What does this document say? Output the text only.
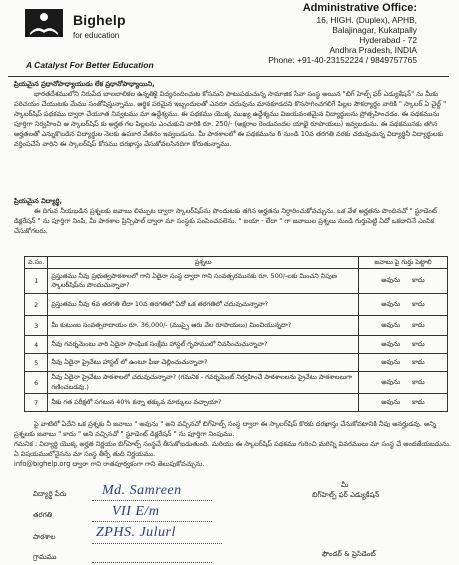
Bighelp
for education
A Catalyst For Better Education
Administrative Office:
16, HIGH. (Duplex), APHB,
Balajinagar, Kukatpally
Hyderabad - 72
Andhra Pradesh, INDIA
Phone: +91-40-23152224 / 9849757765

ప్రియమైన ప్రధానోపాధ్యాయుడు లేక ప్రధానోపాధ్యాయిని,

భారతదేశములోని నిరుపేద బాలబాలికల ఉన్నతికై విద్యనందించుట కోసమని పాటుపడుచున్న సామాజిక సేవా సంస్థ అయిన "బిగ్ హెల్ప్ ఫర్ ఎడ్యుకేషన్" ను మీకు పరిచయం చేయుటకు మేము సంతోషిస్తున్నాము. ఆర్థిక పరమైన ఇబ్బందులతో ఎవరూ చదువును మానకూడదని కొనసాగించగలిగే పిల్లల సౌకర్యార్థం వారికి " స్కాలర్ ఏ చైల్డ్ " స్కాలర్‌షిప్ పథకము ద్వారా చేయూత నివ్వటము మా ఉద్దేశ్యము. ఈ పథకము యొక్క ముఖ్య ఉద్దేశ్యము విజయవంతమైన విద్యార్థులను ప్రోత్సహించడం. ఈ పథకమును పూర్తిగా నిర్వహించి ఆ స్కాలర్‌షిప్ కు అర్హత గల పిల్లలను ఎంచుకుని వారికి రూ. 250/- (అక్షరాల రెండువందల యాభై రూపాయలు) ఇవ్వబడును. ఈ పథకమునకు తగిన అర్హతలతో ఎన్నుకొబడిన విద్యార్థుల నెలకు ఉపకార వేతనం ఇవ్వబడును. మీ పాఠశాలలో ఈ పథకమును 6 నుండి 10వ తరగతి వరకు చదువుచున్న విద్యార్థినీ విద్యార్థులకు వర్తింపచేసే వారిని ఈ స్కాలర్‌షిప్ కోసము దరఖాస్తు చేసుకోవలసినదిగా కోరుతున్నాము.

ప్రియమైన విద్యార్థి,

ఈ దిగువ నీయబడిన ప్రశ్నలకు జవాబు లిమ్పుట ద్వారా స్కాలర్‌షిప్‌ను పొందుటకు తగిన అర్హతను నిర్ధారించుకోవచ్చును. ఒక వేళ అర్హతను పొందినచో " స్టూడెంట్ డిక్లరేషన్ " ను పూర్తిగా నింపి, మీ పాఠశాల ప్రిన్సిపాల్ ద్వారా మా సంస్థకు పంపించవలెను. " ఐయా - లేదా " గా జవాబుల ప్రశ్నలు నుండి గుర్తుపెట్టి ఏదో ఒకదానినే ఎంపిక చేసుకోగలరు.

వ.సం.	ప్రశ్నలు	జవాబు పై గుర్తు పెట్టాలి
1	ప్రస్తుతము నీవు ప్రభుత్వపాఠశాలలో గాని ఏదైనా సంస్థ ద్వారా గాని సంవత్సరమునకు రూ. 500/-లకు మించని నిపుణ స్కాలర్‌షిప్‌ను పొందుచున్నావా?	అవును కాదు
2	ప్రస్తుతము నీవు 6వ తరగతి లేదా 10వ తరగతిలో ఏదో ఒక తరగతిలో చదువుచున్నావా?	అవును కాదు
3	మీ కుటుంబ సంవత్సరాదాయం రూ. 36,000/- (ముప్పై ఆరు వేల రూపాయలు) మించియున్నదా?	అవును కాదు
4	నీవు గవర్నమెంటు వారి ఏదైనా సాంఘిక సంక్షేమ హాస్టల్ గృహములో నివసించుచున్నావా?	అవును కాదు
5	నీవు ఏదైనా ప్రైవేటు హాస్టల్ లో ఉంటూ ఫీజు చెల్లించుచున్నావా?	అవును కాదు
6	నీవు ఏదైనా ప్రైవేటు పాఠశాలలో చదువుచున్నావా? (గమనిక - గవర్నమెంట్ నిర్వహించే పాఠశాలలను ప్రైవేటు పాఠశాలలుగా గణించబడవు.)	అవును కాదు
7	నీకు గత పరీక్షలో సగటున 40% కన్నా తక్కువ మార్కులు వచ్చాయా?	అవును కాదు

పై వాటిలో ఏదేని ఒక ప్రశ్నకు నీ జవాబు " అవును " అని వచ్చినచో బిగ్‌హెల్ప్ సంస్థ ద్వారా ఈ స్కాలర్‌షిప్ కొరకు దరఖాస్తు చేసుకోవటానికి నీవు అనర్హుడవు. అన్ని ప్రశ్నలకు జవాబు " కాదు " అని వచ్చినచో " స్టూడెంట్ డిక్లరేషన్ " ను పూర్తిగా నింపుము.

గమనిక : విద్యార్థి యొక్క అర్హత నిర్ణయం బిగ్‌హెల్ప్ సంస్థచే తీసుకోబడుతుంది. మరియు ఈ స్కాలర్‌షిప్ పథకము గురించి మరిన్ని వివరములు మా సంస్థ చే అందజేయబడును. ఏ విషయములోనైనను మా సంస్థ తీర్పే తుది నిర్ణయము.

info@bighelp.org ద్వారా గాని రాతపూర్వకంగా గాని తెలుపుకోవచ్చును.

విద్యార్థి పేరు	Md. Samreen
తరగతి	VII E/m
పాఠశాల	ZPHS. Julurl
గ్రామము
మీ
బిగ్‌హెల్ప్ ఫర్ ఎడ్యుకేషన్
ఫౌండర్ & ప్రెసిడెంట్
